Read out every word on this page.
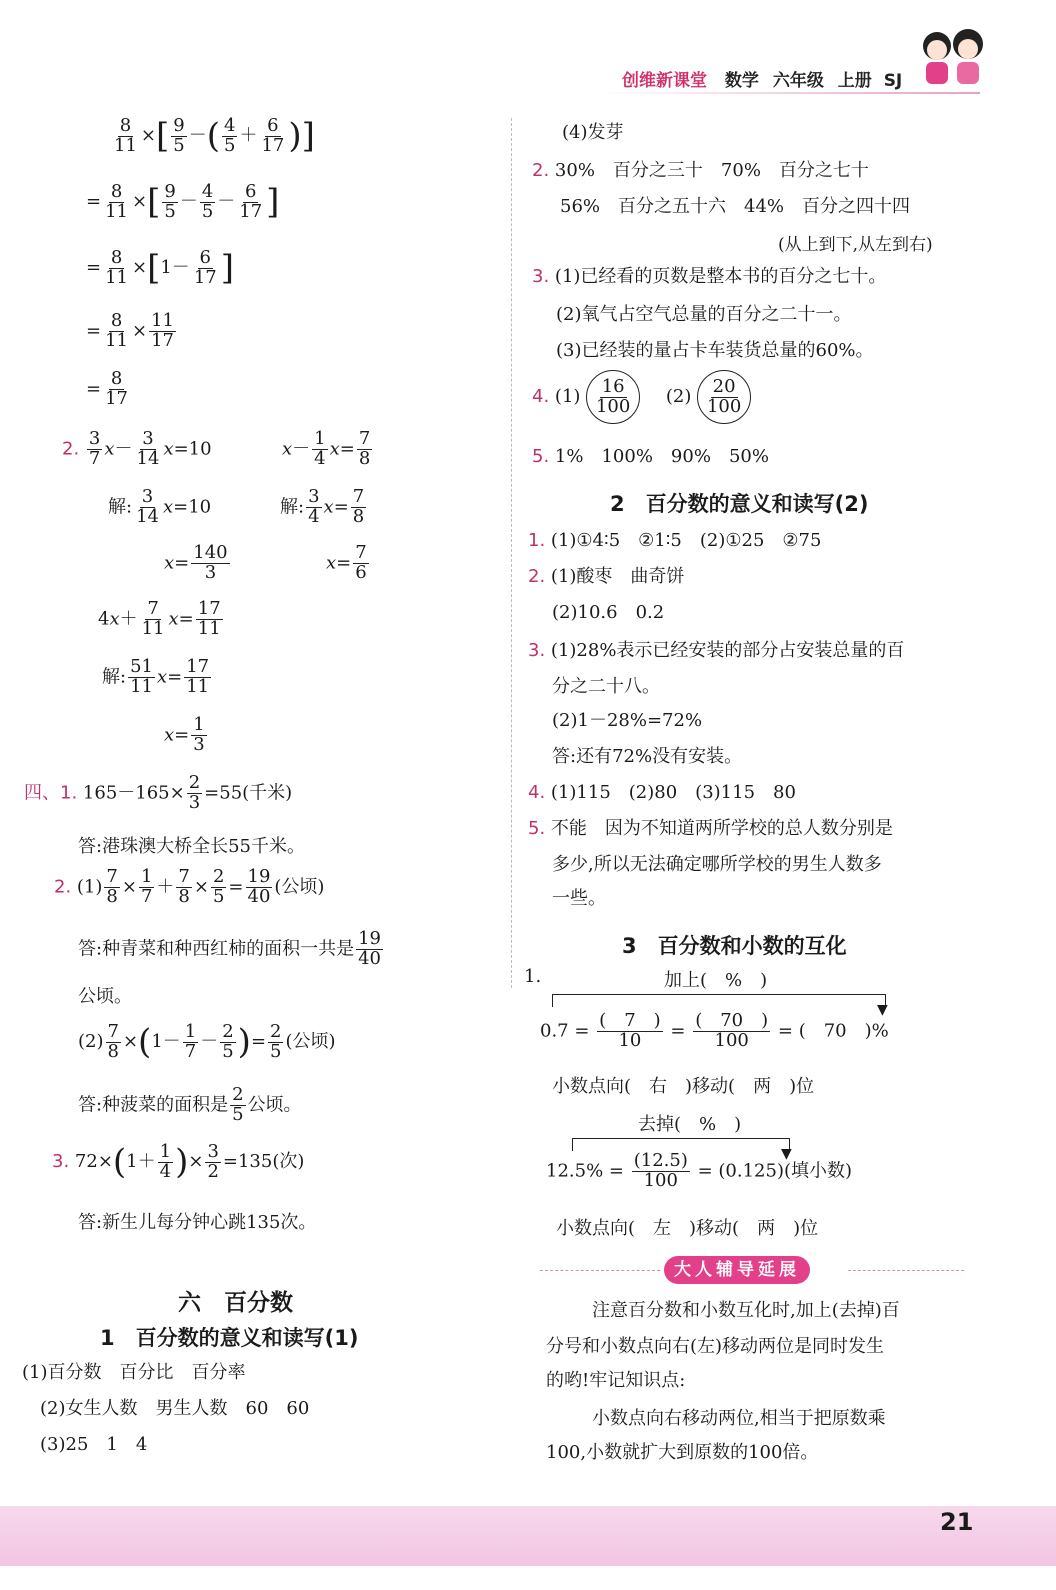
创维新课堂 数学 六年级 上册 SJ
$\frac{8}{11}$ ×[ $\frac{9}{5}$ －( $\frac{4}{5} + \frac{6}{17}$ )]
= $\frac{8}{11}$ ×[ $\frac{9}{5} - \frac{4}{5} - \frac{6}{17}$ ]
= $\frac{8}{11} \times[1- \frac{6}{17}$ ]
= $\frac{8}{11} \times \frac{11}{17}$
= $\frac{8}{17}$
2. $\frac{3}{7} x- \frac{3}{14} x=10$	$x- \frac{1}{4} x= \frac{7}{8}$
解: $\frac{3}{14} x=10$	解: $\frac{3}{4} x= \frac{7}{8}$
$x= \frac{140}{3}$	$x= \frac{7}{6}$
$4x+ \frac{7}{11} x= \frac{17}{11}$
解: $\frac{51}{11} x= \frac{17}{11}$
$x= \frac{1}{3}$
四、1. $165-165\times \frac{2}{3} =55$(千米)
答:港珠澳大桥全长55千米。
2. $(1) \frac{7}{8} \times \frac{1}{7} + \frac{7}{8} \times \frac{2}{5} = \frac{19}{40}$ (公顷)
答:种青菜和种西红柿的面积一共是 $\frac{19}{40}$
公顷。
$(2) \frac{7}{8} \times(1- \frac{1}{7} - \frac{2}{5}$ )= $\frac{2}{5}$ (公顷)
答:种菠菜的面积是 $\frac{2}{5}$ 公顷。
3. $72\times(1+ \frac{1}{4}$ )× $\frac{3}{2} =135$(次)
答:新生儿每分钟心跳135次。
六　百分数
1　百分数的意义和读写(1)
(1)百分数　百分比　百分率
(2)女生人数　男生人数　60　60
(3)25　1　4
(4)发芽
2. 30%　百分之三十　70%　百分之七十
56%　百分之五十六　44%　百分之四十四
(从上到下,从左到右)
3. (1)已经看的页数是整本书的百分之七十。
(2)氧气占空气总量的百分之二十一。
(3)已经装的量占卡车装货总量的60%。
4. $(1) \frac{16}{100} (2) \frac{20}{100}$
5. 1%　100%　90%　50%
2　百分数的意义和读写(2)
1. (1)①4∶5　②1∶5　(2)①25　②75
2. (1)酸枣　曲奇饼
(2)10.6　0.2
3. (1)28%表示已经安装的部分占安装总量的百
分之二十八。
(2)1－28%=72%
答:还有72%没有安装。
4. (1)115　(2)80　(3)115　80
5. 不能　因为不知道两所学校的总人数分别是
多少,所以无法确定哪所学校的男生人数多
一些。
3　百分数和小数的互化
1.	加上(　%　)
▼
$0.7 = \frac{( 7 )}{10} = \frac{( 70 )}{100}$ = (　70　)%
小数点向(　右　)移动(　两　)位
去掉(　%　)
▼
$12.5\% = \frac{(12.5)}{100} = (0.125)$(填小数)
小数点向(　左　)移动(　两　)位
大人辅导延展
注意百分数和小数互化时,加上(去掉)百
分号和小数点向右(左)移动两位是同时发生
的哟!牢记知识点:
小数点向右移动两位,相当于把原数乘
100,小数就扩大到原数的100倍。
21
